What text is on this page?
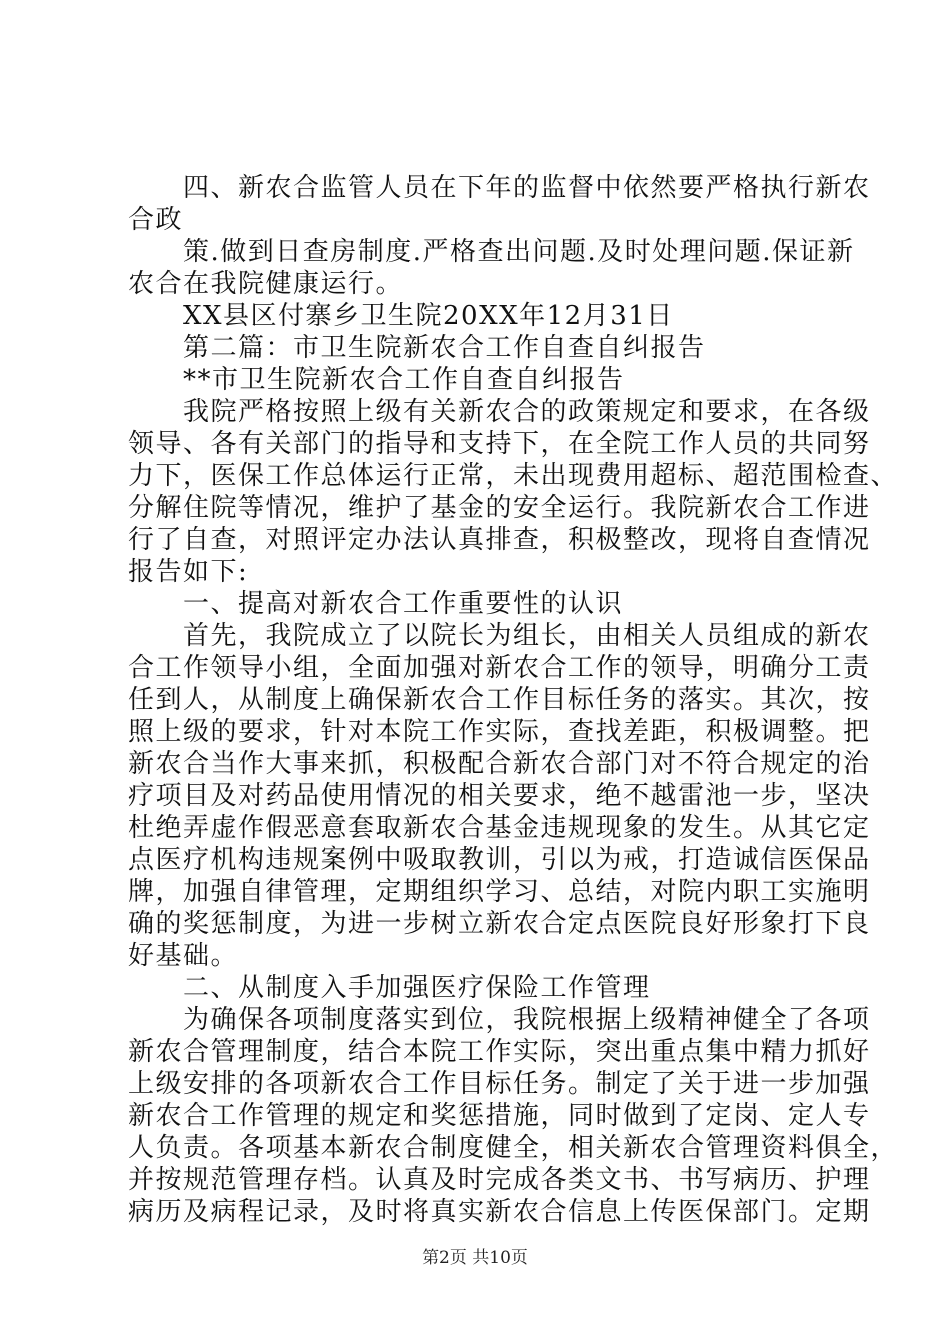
　　四、新农合监管人员在下年的监督中依然要严格执行新农
合政
　　策.做到日查房制度.严格查出问题.及时处理问题.保证新
农合在我院健康运行。
　　XX县区付寨乡卫生院20XX年12月31日
　　第二篇：市卫生院新农合工作自查自纠报告
　　**市卫生院新农合工作自查自纠报告
　　我院严格按照上级有关新农合的政策规定和要求，在各级
领导、各有关部门的指导和支持下，在全院工作人员的共同努
力下，医保工作总体运行正常，未出现费用超标、超范围检查、
分解住院等情况，维护了基金的安全运行。我院新农合工作进
行了自查，对照评定办法认真排查，积极整改，现将自查情况
报告如下:
　　一、提高对新农合工作重要性的认识
　　首先，我院成立了以院长为组长，由相关人员组成的新农
合工作领导小组，全面加强对新农合工作的领导，明确分工责
任到人，从制度上确保新农合工作目标任务的落实。其次，按
照上级的要求，针对本院工作实际，查找差距，积极调整。把
新农合当作大事来抓，积极配合新农合部门对不符合规定的治
疗项目及对药品使用情况的相关要求，绝不越雷池一步，坚决
杜绝弄虚作假恶意套取新农合基金违规现象的发生。从其它定
点医疗机构违规案例中吸取教训，引以为戒，打造诚信医保品
牌，加强自律管理，定期组织学习、总结，对院内职工实施明
确的奖惩制度，为进一步树立新农合定点医院良好形象打下良
好基础。
　　二、从制度入手加强医疗保险工作管理
　　为确保各项制度落实到位，我院根据上级精神健全了各项
新农合管理制度，结合本院工作实际，突出重点集中精力抓好
上级安排的各项新农合工作目标任务。制定了关于进一步加强
新农合工作管理的规定和奖惩措施，同时做到了定岗、定人专
人负责。各项基本新农合制度健全，相关新农合管理资料俱全，
并按规范管理存档。认真及时完成各类文书、书写病历、护理
病历及病程记录，及时将真实新农合信息上传医保部门。定期
第2页 共10页
